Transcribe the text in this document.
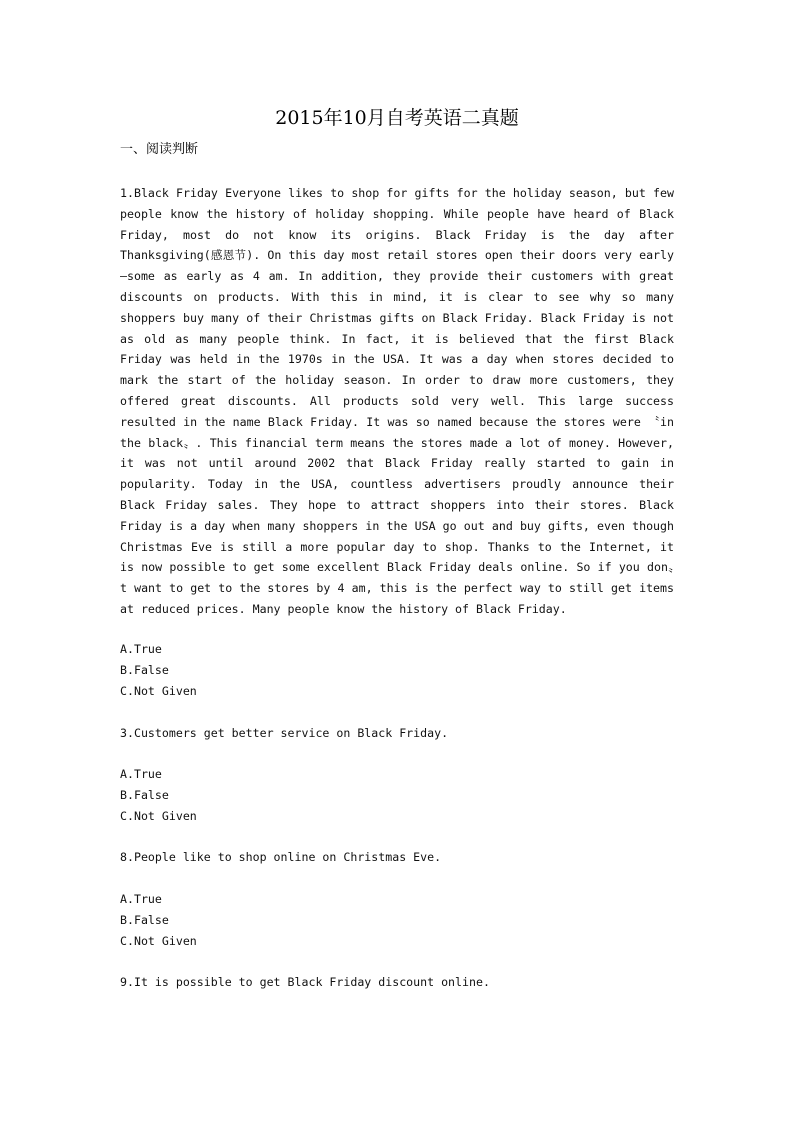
2015年10月自考英语二真题
一、阅读判断

1.Black Friday Everyone likes to shop for gifts for the holiday season, but few people know the history of holiday shopping. While people have heard of Black Friday, most do not know its origins. Black Friday is the day after Thanksgiving(感恩节). On this day most retail stores open their doors very early—some as early as 4 am. In addition, they provide their customers with great discounts on products. With this in mind, it is clear to see why so many shoppers buy many of their Christmas gifts on Black Friday. Black Friday is not as old as many people think. In fact, it is believed that the first Black Friday was held in the 1970s in the USA. It was a day when stores decided to mark the start of the holiday season. In order to draw more customers, they offered great discounts. All products sold very well. This large success resulted in the name Black Friday. It was so named because the stores were 〝in the black〟. This financial term means the stores made a lot of money. However, it was not until around 2002 that Black Friday really started to gain in popularity. Today in the USA, countless advertisers proudly announce their Black Friday sales. They hope to attract shoppers into their stores. Black Friday is a day when many shoppers in the USA go out and buy gifts, even though Christmas Eve is still a more popular day to shop. Thanks to the Internet, it is now possible to get some excellent Black Friday deals online. So if you don〟t want to get to the stores by 4 am, this is the perfect way to still get items at reduced prices. Many people know the history of Black Friday.

A.True
B.False
C.Not Given

3.Customers get better service on Black Friday.

A.True
B.False
C.Not Given

8.People like to shop online on Christmas Eve.

A.True
B.False
C.Not Given

9.It is possible to get Black Friday discount online.
